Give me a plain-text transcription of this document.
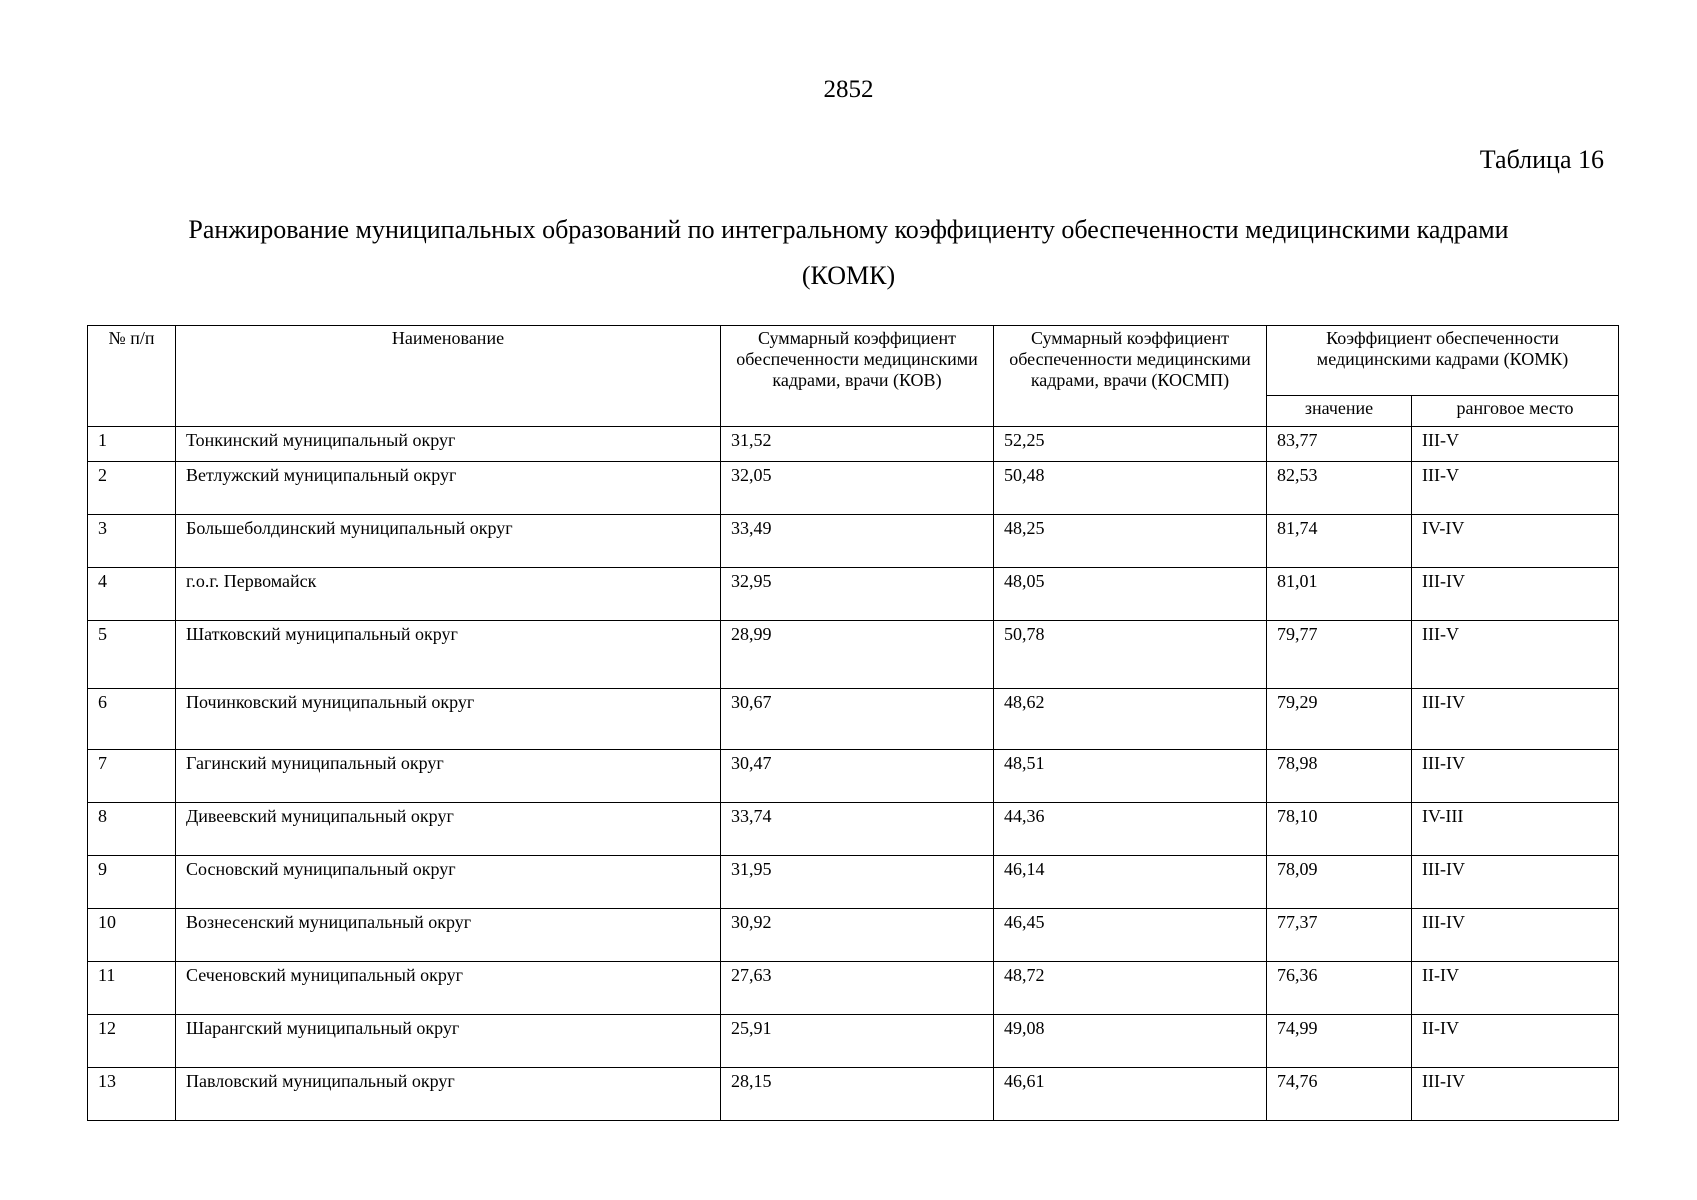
2852
Таблица 16
Ранжирование муниципальных образований по интегральному коэффициенту обеспеченности медицинскими кадрами
(КОМК)
№ п/п	Наименование	Суммарный коэффициент обеспеченности медицинскими кадрами, врачи (КОВ)	Суммарный коэффициент обеспеченности медицинскими кадрами, врачи (КОСМП)	Коэффициент обеспеченности медицинскими кадрами (КОМК)	
				значение	ранговое место
1	Тонкинский муниципальный округ	31,52	52,25	83,77	III-V
2	Ветлужский муниципальный округ	32,05	50,48	82,53	III-V
3	Большеболдинский муниципальный округ	33,49	48,25	81,74	IV-IV
4	г.о.г. Первомайск	32,95	48,05	81,01	III-IV
5	Шатковский муниципальный округ	28,99	50,78	79,77	III-V
6	Починковский муниципальный округ	30,67	48,62	79,29	III-IV
7	Гагинский муниципальный округ	30,47	48,51	78,98	III-IV
8	Дивеевский муниципальный округ	33,74	44,36	78,10	IV-III
9	Сосновский муниципальный округ	31,95	46,14	78,09	III-IV
10	Вознесенский муниципальный округ	30,92	46,45	77,37	III-IV
11	Сеченовский муниципальный округ	27,63	48,72	76,36	II-IV
12	Шарангский муниципальный округ	25,91	49,08	74,99	II-IV
13	Павловский муниципальный округ	28,15	46,61	74,76	III-IV
